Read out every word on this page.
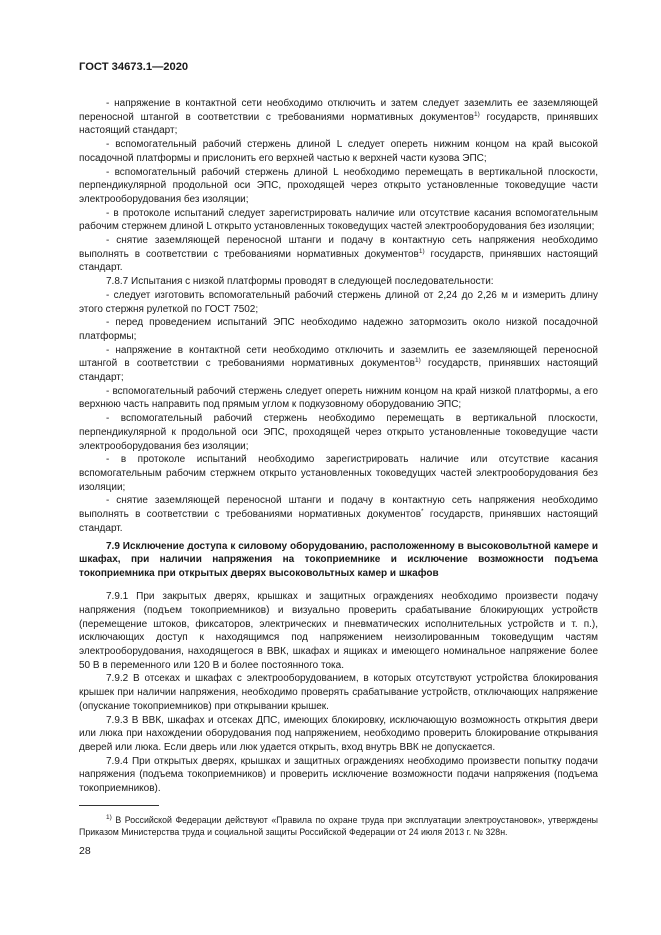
ГОСТ 34673.1—2020

- напряжение в контактной сети необходимо отключить и затем следует заземлить ее заземляющей переносной штангой в соответствии с требованиями нормативных документов$^{1)}$ государств, принявших настоящий стандарт;

- вспомогательный рабочий стержень длиной L следует опереть нижним концом на край высокой посадочной платформы и прислонить его верхней частью к верхней части кузова ЭПС;

- вспомогательный рабочий стержень длиной L необходимо перемещать в вертикальной плоскости, перпендикулярной продольной оси ЭПС, проходящей через открыто установленные токоведущие части электрооборудования без изоляции;

- в протоколе испытаний следует зарегистрировать наличие или отсутствие касания вспомогательным рабочим стержнем длиной L открыто установленных токоведущих частей электрооборудования без изоляции;

- снятие заземляющей переносной штанги и подачу в контактную сеть напряжения необходимо выполнять в соответствии с требованиями нормативных документов$^{1)}$ государств, принявших настоящий стандарт.

7.8.7 Испытания с низкой платформы проводят в следующей последовательности:

- следует изготовить вспомогательный рабочий стержень длиной от 2,24 до 2,26 м и измерить длину этого стержня рулеткой по ГОСТ 7502;

- перед проведением испытаний ЭПС необходимо надежно затормозить около низкой посадочной платформы;

- напряжение в контактной сети необходимо отключить и заземлить ее заземляющей переносной штангой в соответствии с требованиями нормативных документов$^{1)}$ государств, принявших настоящий стандарт;

- вспомогательный рабочий стержень следует опереть нижним концом на край низкой платформы, а его верхнюю часть направить под прямым углом к подкузовному оборудованию ЭПС;

- вспомогательный рабочий стержень необходимо перемещать в вертикальной плоскости, перпендикулярной к продольной оси ЭПС, проходящей через открыто установленные токоведущие части электрооборудования без изоляции;

- в протоколе испытаний необходимо зарегистрировать наличие или отсутствие касания вспомогательным рабочим стержнем открыто установленных токоведущих частей электрооборудования без изоляции;

- снятие заземляющей переносной штанги и подачу в контактную сеть напряжения необходимо выполнять в соответствии с требованиями нормативных документов* государств, принявших настоящий стандарт.

7.9 Исключение доступа к силовому оборудованию, расположенному в высоковольтной камере и шкафах, при наличии напряжения на токоприемнике и исключение возможности подъема токоприемника при открытых дверях высоковольтных камер и шкафов

7.9.1 При закрытых дверях, крышках и защитных ограждениях необходимо произвести подачу напряжения (подъем токоприемников) и визуально проверить срабатывание блокирующих устройств (перемещение штоков, фиксаторов, электрических и пневматических исполнительных устройств и т. п.), исключающих доступ к находящимся под напряжением неизолированным токоведущим частям электрооборудования, находящегося в ВВК, шкафах и ящиках и имеющего номинальное напряжение более 50 В в переменного или 120 В и более постоянного тока.

7.9.2 В отсеках и шкафах с электрооборудованием, в которых отсутствуют устройства блокирования крышек при наличии напряжения, необходимо проверять срабатывание устройств, отключающих напряжение (опускание токоприемников) при открывании крышек.

7.9.3 В ВВК, шкафах и отсеках ДПС, имеющих блокировку, исключающую возможность открытия двери или люка при нахождении оборудования под напряжением, необходимо проверить блокирование открывания дверей или люка. Если дверь или люк удается открыть, вход внутрь ВВК не допускается.

7.9.4 При открытых дверях, крышках и защитных ограждениях необходимо произвести попытку подачи напряжения (подъема токоприемников) и проверить исключение возможности подачи напряжения (подъема токоприемников).

$^{1)}$ В Российской Федерации действуют «Правила по охране труда при эксплуатации электроустановок», утверждены Приказом Министерства труда и социальной защиты Российской Федерации от 24 июля 2013 г. № 328н.
28
